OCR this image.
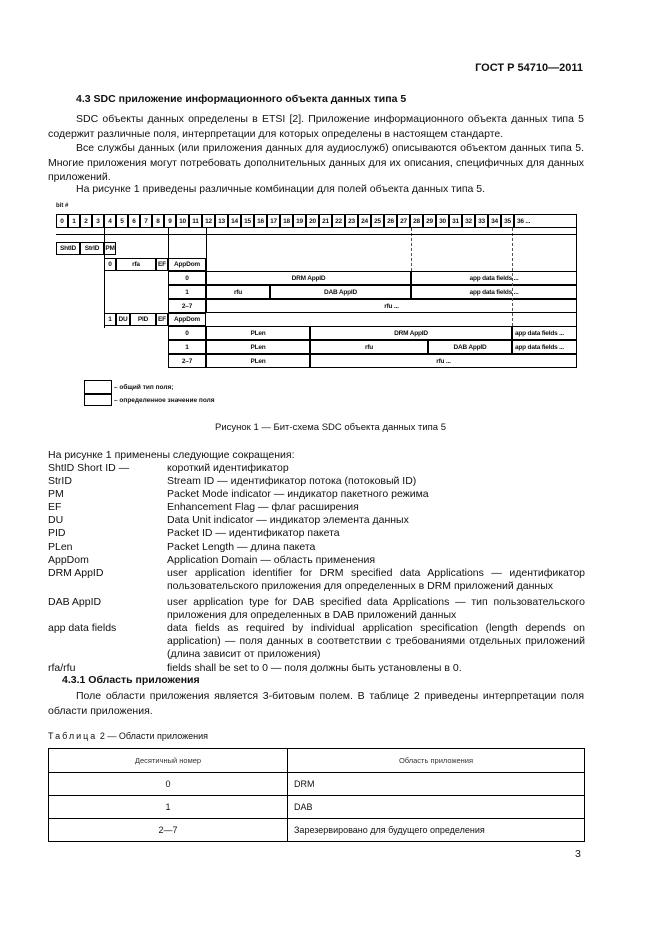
ГОСТ Р 54710—2011
4.3 SDC приложение информационного объекта данных типа 5
SDC объекты данных определены в ETSI [2]. Приложение информационного объекта данных типа 5 содержит различные поля, интерпретации для которых определены в настоящем стандарте.
Все службы данных (или приложения данных для аудиослужб) описываются объектом данных типа 5. Многие приложения могут потребовать дополнительных данных для их описания, специфичных для данных приложений.
На рисунке 1 приведены различные комбинации для полей объекта данных типа 5.
bit #
0	1	2	3	4	5	6	7	8	9	10 11 12 13 14 15 16 17 18 19 20 21 22 23 24 25 26 27 28 29 30 31 32 33 34 35 36 ...
ShtID	StrID PM
0	rfa	EF	AppDom
0	DRM AppID	app data fields ...
1	rfu	DAB AppID	app data fields ...
2–7	rfu ...
1	DU	PID	EF	AppDom
0	PLen	DRM AppID	app data fields ...
1	PLen	rfu	DAB AppID	app data fields ...
2–7	PLen	rfu ...
– общий тип поля;
– определенное значение поля
Рисунок 1 — Бит-схема SDC объекта данных типа 5
На рисунке 1 применены следующие сокращения:
ShtID Short ID —	короткий идентификатор
StrID	Stream ID — идентификатор потока (потоковый ID)
PM	Packet Mode indicator — индикатор пакетного режима
EF	Enhancement Flag — флаг расширения
DU	Data Unit indicator — индикатор элемента данных
PID	Packet ID — идентификатор пакета
PLen	Packet Length — длина пакета
AppDom	Application Domain — область применения
DRM AppID	user application identifier for DRM specified data Applications — идентификатор пользовательского приложения для определенных в DRM приложений данных
DAB AppID	user application type for DAB specified data Applications — тип пользовательского приложения для определенных в DAB приложений данных
app data fields	data fields as required by individual application specification (length depends on application) — поля данных в соответствии с требованиями отдельных приложений (длина зависит от приложения)
rfa/rfu	fields shall be set to 0 — поля должны быть установлены в 0.
4.3.1 Область приложения
Поле области приложения является 3-битовым полем. В таблице 2 приведены интерпретации поля области приложения.
Таблица 2 — Области приложения
Десятичный номер	Область приложения
0	DRM
1	DAB
2—7	Зарезервировано для будущего определения
3
